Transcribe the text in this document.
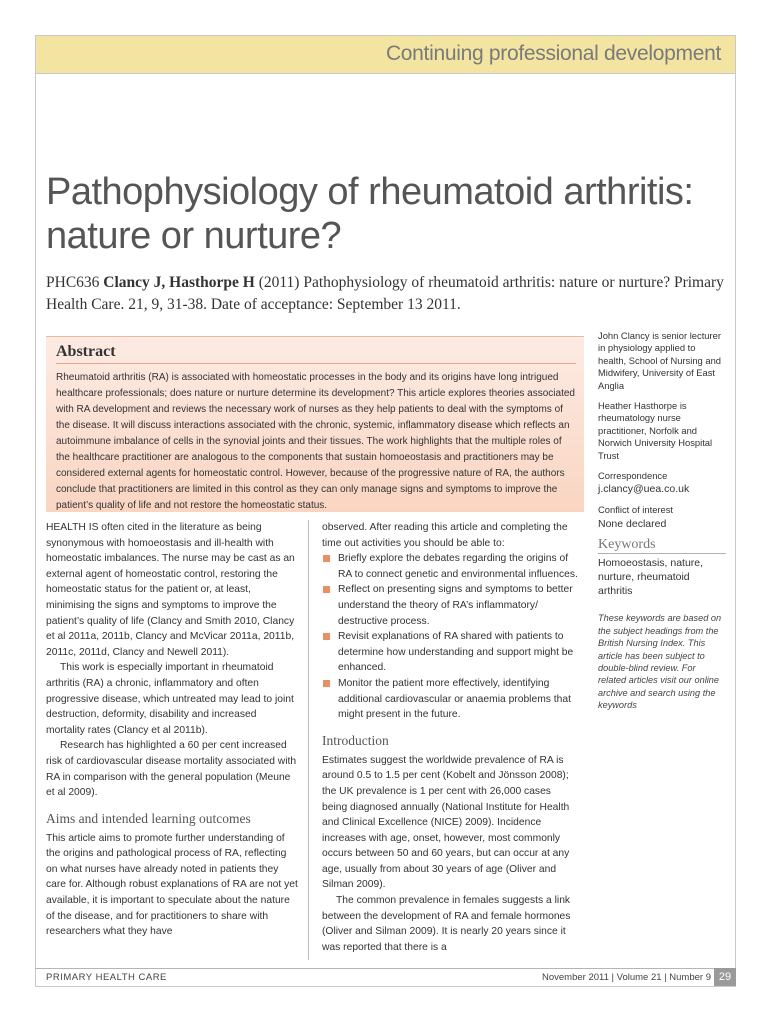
Continuing professional development
Pathophysiology of rheumatoid arthritis: nature or nurture?

PHC636 Clancy J, Hasthorpe H (2011) Pathophysiology of rheumatoid arthritis: nature or nurture? Primary Health Care. 21, 9, 31-38. Date of acceptance: September 13 2011.

Abstract

Rheumatoid arthritis (RA) is associated with homeostatic processes in the body and its origins have long intrigued healthcare professionals; does nature or nurture determine its development? This article explores theories associated with RA development and reviews the necessary work of nurses as they help patients to deal with the symptoms of the disease. It will discuss interactions associated with the chronic, systemic, inflammatory disease which reflects an autoimmune imbalance of cells in the synovial joints and their tissues. The work highlights that the multiple roles of the healthcare practitioner are analogous to the components that sustain homoeostasis and practitioners may be considered external agents for homeostatic control. However, because of the progressive nature of RA, the authors conclude that practitioners are limited in this control as they can only manage signs and symptoms to improve the patient’s quality of life and not restore the homeostatic status.

HEALTH IS often cited in the literature as being synonymous with homoeostasis and ill-health with homeostatic imbalances. The nurse may be cast as an external agent of homeostatic control, restoring the homeostatic status for the patient or, at least, minimising the signs and symptoms to improve the patient’s quality of life (Clancy and Smith 2010, Clancy et al 2011a, 2011b, Clancy and McVicar 2011a, 2011b, 2011c, 2011d, Clancy and Newell 2011).

This work is especially important in rheumatoid arthritis (RA) a chronic, inflammatory and often progressive disease, which untreated may lead to joint destruction, deformity, disability and increased mortality rates (Clancy et al 2011b).

Research has highlighted a 60 per cent increased risk of cardiovascular disease mortality associated with RA in comparison with the general population (Meune et al 2009).

Aims and intended learning outcomes

This article aims to promote further understanding of the origins and pathological process of RA, reflecting on what nurses have already noted in patients they care for. Although robust explanations of RA are not yet available, it is important to speculate about the nature of the disease, and for practitioners to share with researchers what they have

observed. After reading this article and completing the time out activities you should be able to:

Briefly explore the debates regarding the origins of RA to connect genetic and environmental influences.
Reflect on presenting signs and symptoms to better understand the theory of RA’s inflammatory/ destructive process.
Revisit explanations of RA shared with patients to determine how understanding and support might be enhanced.
Monitor the patient more effectively, identifying additional cardiovascular or anaemia problems that might present in the future.
Introduction

Estimates suggest the worldwide prevalence of RA is around 0.5 to 1.5 per cent (Kobelt and Jönsson 2008); the UK prevalence is 1 per cent with 26,000 cases being diagnosed annually (National Institute for Health and Clinical Excellence (NICE) 2009). Incidence increases with age, onset, however, most commonly occurs between 50 and 60 years, but can occur at any age, usually from about 30 years of age (Oliver and Silman 2009).

The common prevalence in females suggests a link between the development of RA and female hormones (Oliver and Silman 2009). It is nearly 20 years since it was reported that there is a

John Clancy is senior lecturer in physiology applied to health, School of Nursing and Midwifery, University of East Anglia

Heather Hasthorpe is rheumatology nurse practitioner, Norfolk and Norwich University Hospital Trust

Correspondence
j.clancy@uea.co.uk

Conflict of interest
None declared

Keywords

Homoeostasis, nature, nurture, rheumatoid arthritis

These keywords are based on the subject headings from the British Nursing Index. This article has been subject to double-blind review. For related articles visit our online archive and search using the keywords

PRIMARY HEALTH CARE	November 2011 | Volume 21 | Number 9 29
